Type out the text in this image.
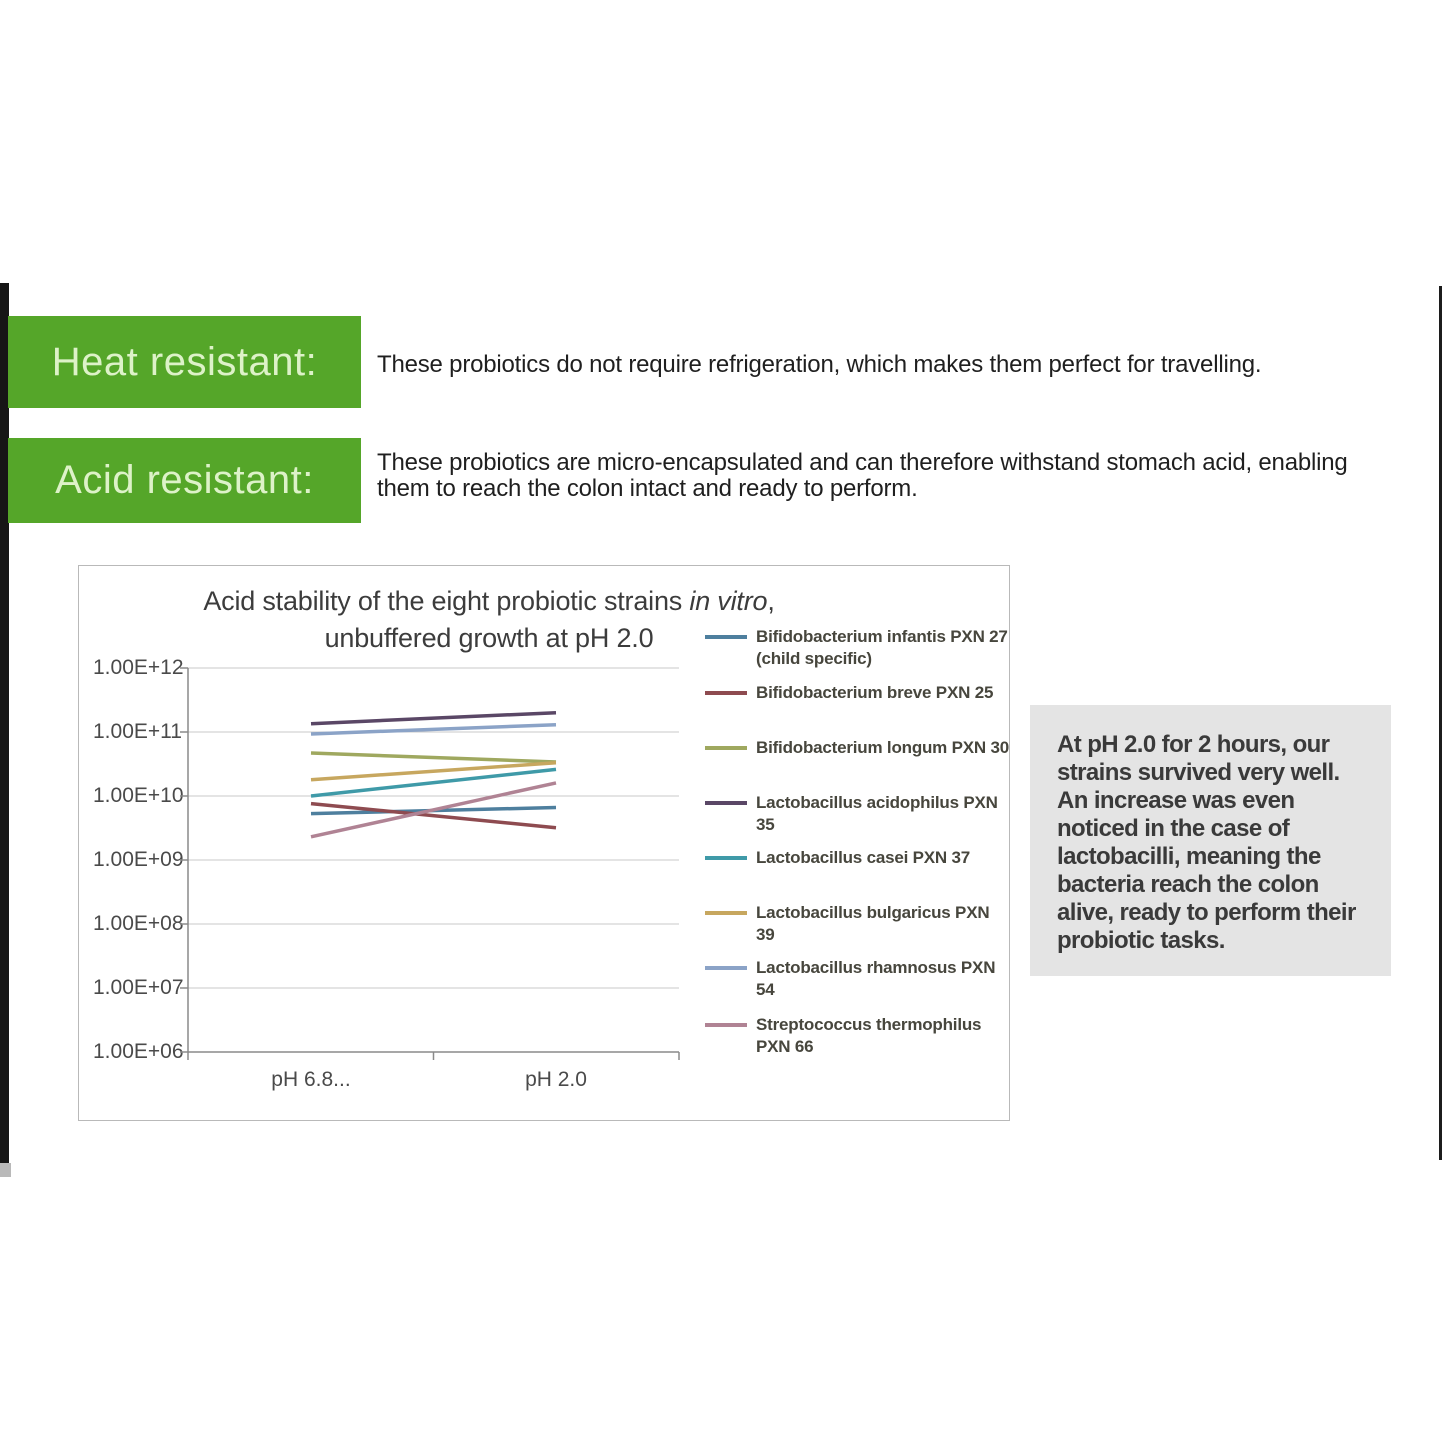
Heat resistant:
Acid resistant:
These probiotics do not require refrigeration, which makes them perfect for travelling.
These probiotics are micro-encapsulated and can therefore withstand stomach acid, enabling them to reach the colon intact and ready to perform.
Acid stability of the eight probiotic strains in vitro, unbuffered growth at pH 2.0
1.00E+12
1.00E+11
1.00E+10
1.00E+09
1.00E+08
1.00E+07
1.00E+06
pH 6.8...	pH 2.0
Bifidobacterium infantis PXN 27 (child specific)
Bifidobacterium breve PXN 25
Bifidobacterium longum PXN 30
Lactobacillus acidophilus PXN 35
Lactobacillus casei PXN 37
Lactobacillus bulgaricus PXN 39
Lactobacillus rhamnosus PXN 54
Streptococcus thermophilus PXN 66
At pH 2.0 for 2 hours, our strains survived very well. An increase was even noticed in the case of lactobacilli, meaning the bacteria reach the colon alive, ready to perform their probiotic tasks.
